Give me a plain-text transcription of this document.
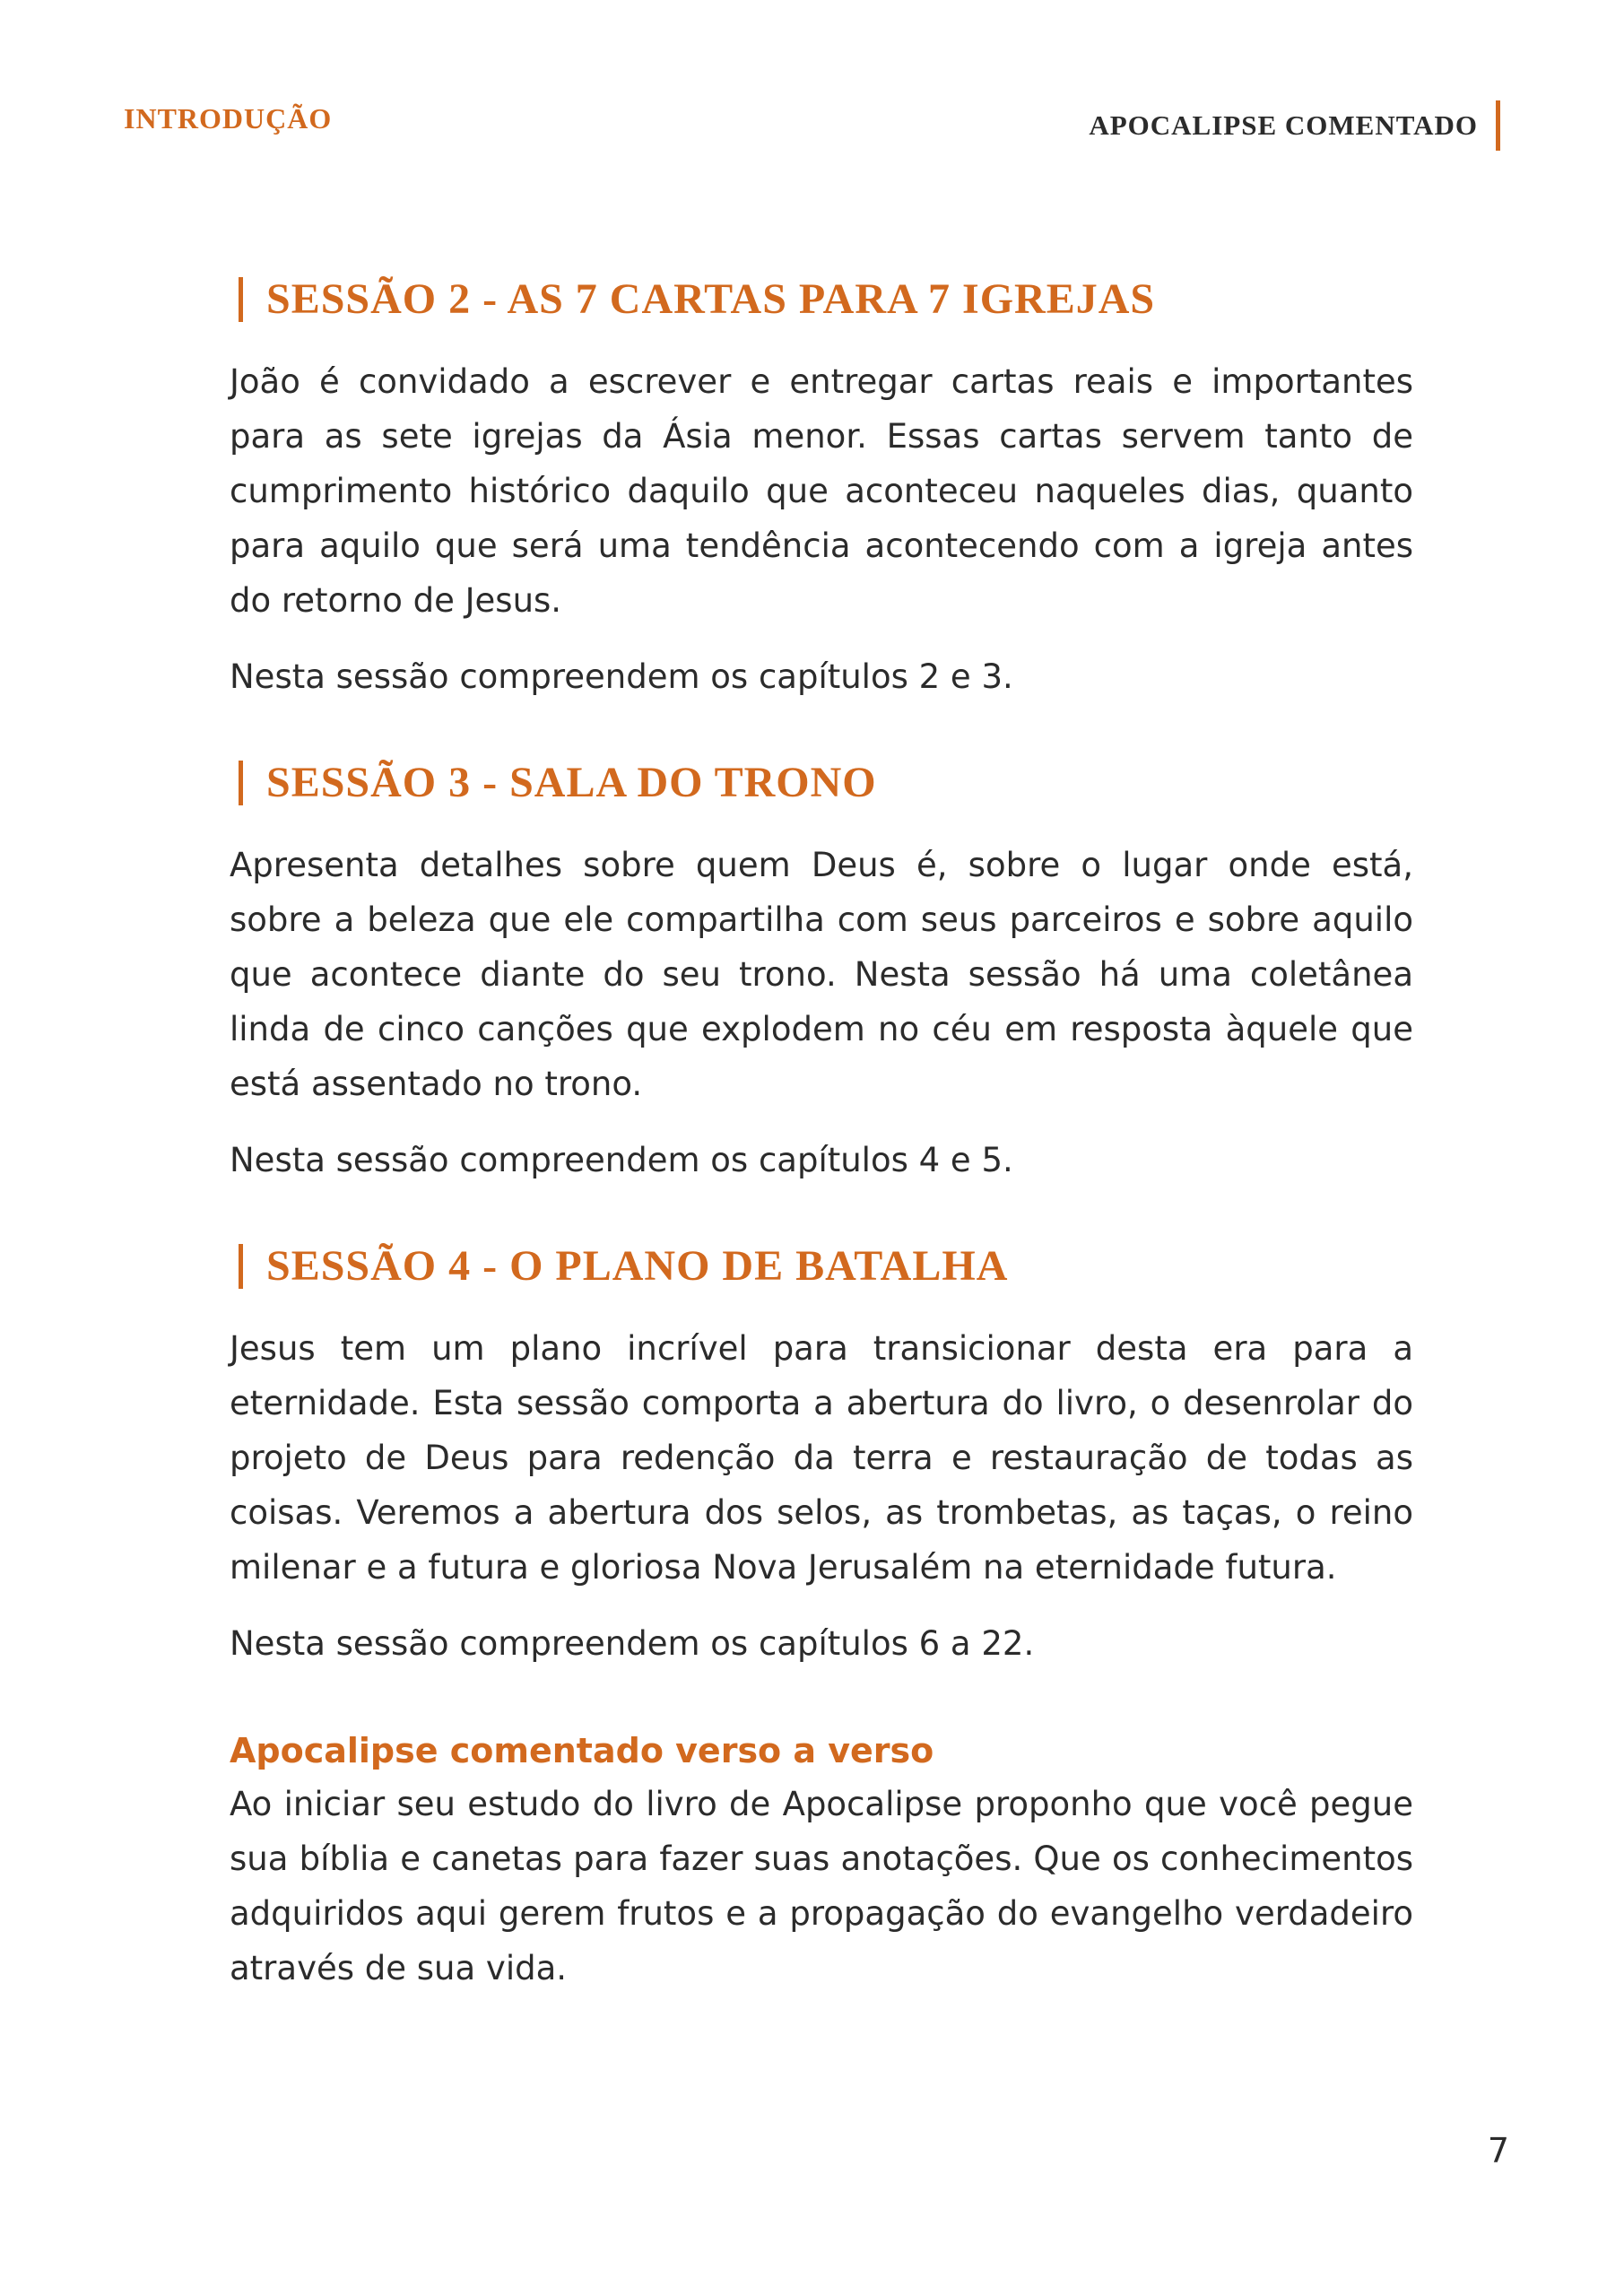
INTRODUÇÃO	APOCALIPSE COMENTADO
SESSÃO 2 - AS 7 CARTAS PARA 7 IGREJAS

João é convidado a escrever e entregar cartas reais e importantes para as sete igrejas da Ásia menor. Essas cartas servem tanto de cumprimento histórico daquilo que aconteceu naqueles dias, quanto para aquilo que será uma tendência acontecendo com a igreja antes do retorno de Jesus.

Nesta sessão compreendem os capítulos 2 e 3.

SESSÃO 3 - SALA DO TRONO

Apresenta detalhes sobre quem Deus é, sobre o lugar onde está, sobre a beleza que ele compartilha com seus parceiros e sobre aquilo que acontece diante do seu trono. Nesta sessão há uma coletânea linda de cinco canções que explodem no céu em resposta àquele que está assentado no trono.

Nesta sessão compreendem os capítulos 4 e 5.

SESSÃO 4 - O PLANO DE BATALHA

Jesus tem um plano incrível para transicionar desta era para a eternidade. Esta sessão comporta a abertura do livro, o desenrolar do projeto de Deus para redenção da terra e restauração de todas as coisas. Veremos a abertura dos selos, as trombetas, as taças, o reino milenar e a futura e gloriosa Nova Jerusalém na eternidade futura.

Nesta sessão compreendem os capítulos 6 a 22.

Apocalipse comentado verso a verso

Ao iniciar seu estudo do livro de Apocalipse proponho que você pegue sua bíblia e canetas para fazer suas anotações. Que os conhecimentos adquiridos aqui gerem frutos e a propagação do evangelho verdadeiro através de sua vida.

7
